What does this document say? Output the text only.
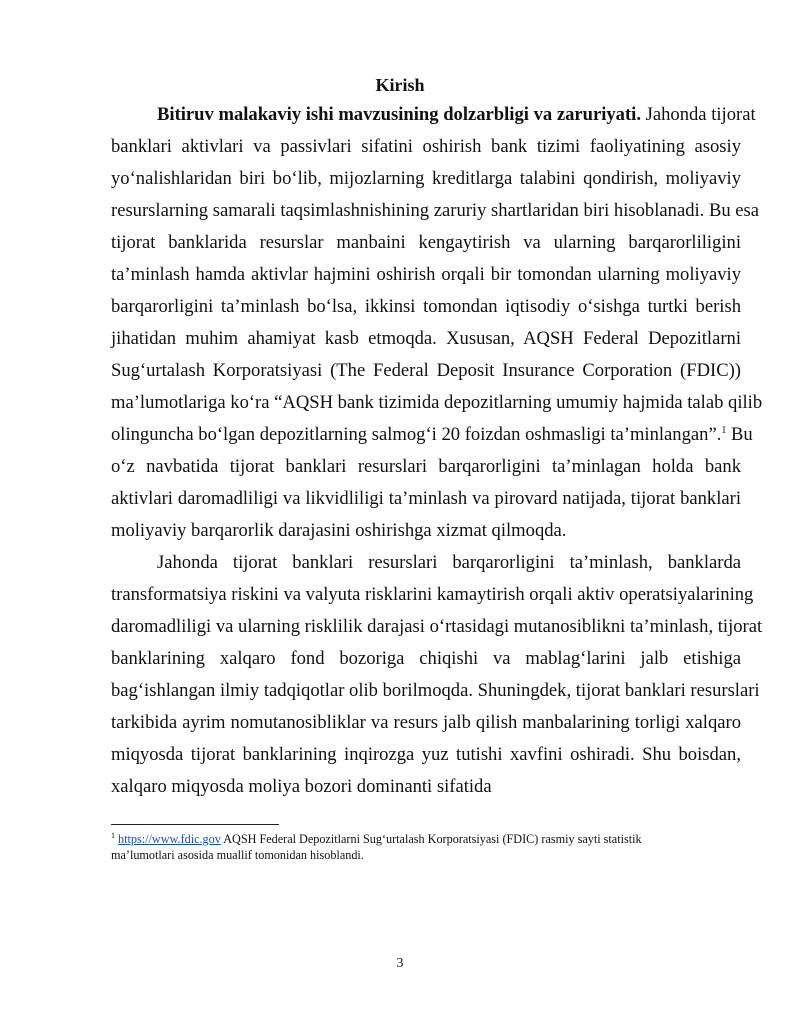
Kirish
Bitiruv malakaviy ishi mavzusining dolzarbligi va zaruriyati. Jahonda tijorat
banklari aktivlari va passivlari sifatini oshirish bank tizimi faoliyatining asosiy
yo‘nalishlaridan biri bo‘lib, mijozlarning kreditlarga talabini qondirish, moliyaviy
resurslarning samarali taqsimlashnishining zaruriy shartlaridan biri hisoblanadi. Bu esa
tijorat banklarida resurslar manbaini kengaytirish va ularning barqarorliligini
ta’minlash hamda aktivlar hajmini oshirish orqali bir tomondan ularning moliyaviy
barqarorligini ta’minlash bo‘lsa, ikkinsi tomondan iqtisodiy o‘sishga turtki berish
jihatidan muhim ahamiyat kasb etmoqda. Xususan, AQSH Federal Depozitlarni
Sug‘urtalash Korporatsiyasi (The Federal Deposit Insurance Corporation (FDIC))
ma’lumotlariga ko‘ra “AQSH bank tizimida depozitlarning umumiy hajmida talab qilib
olinguncha bo‘lgan depozitlarning salmog‘i 20 foizdan oshmasligi ta’minlangan”.$^1$ Bu
o‘z navbatida tijorat banklari resurslari barqarorligini ta’minlagan holda bank
aktivlari daromadliligi va likvidliligi ta’minlash va pirovard natijada, tijorat banklari
moliyaviy barqarorlik darajasini oshirishga xizmat qilmoqda.
Jahonda tijorat banklari resurslari barqarorligini ta’minlash, banklarda
transformatsiya riskini va valyuta risklarini kamaytirish orqali aktiv operatsiyalarining
daromadliligi va ularning risklilik darajasi o‘rtasidagi mutanosiblikni ta’minlash, tijorat
banklarining xalqaro fond bozoriga chiqishi va mablag‘larini jalb etishiga
bag‘ishlangan ilmiy tadqiqotlar olib borilmoqda. Shuningdek, tijorat banklari resurslari
tarkibida ayrim nomutanosibliklar va resurs jalb qilish manbalarining torligi xalqaro
miqyosda tijorat banklarining inqirozga yuz tutishi xavfini oshiradi. Shu boisdan,
xalqaro miqyosda moliya bozori dominanti sifatida
$^1$ https://www.fdic.gov AQSH Federal Depozitlarni Sug‘urtalash Korporatsiyasi (FDIC) rasmiy sayti statistik
ma’lumotlari asosida muallif tomonidan hisoblandi.
3
